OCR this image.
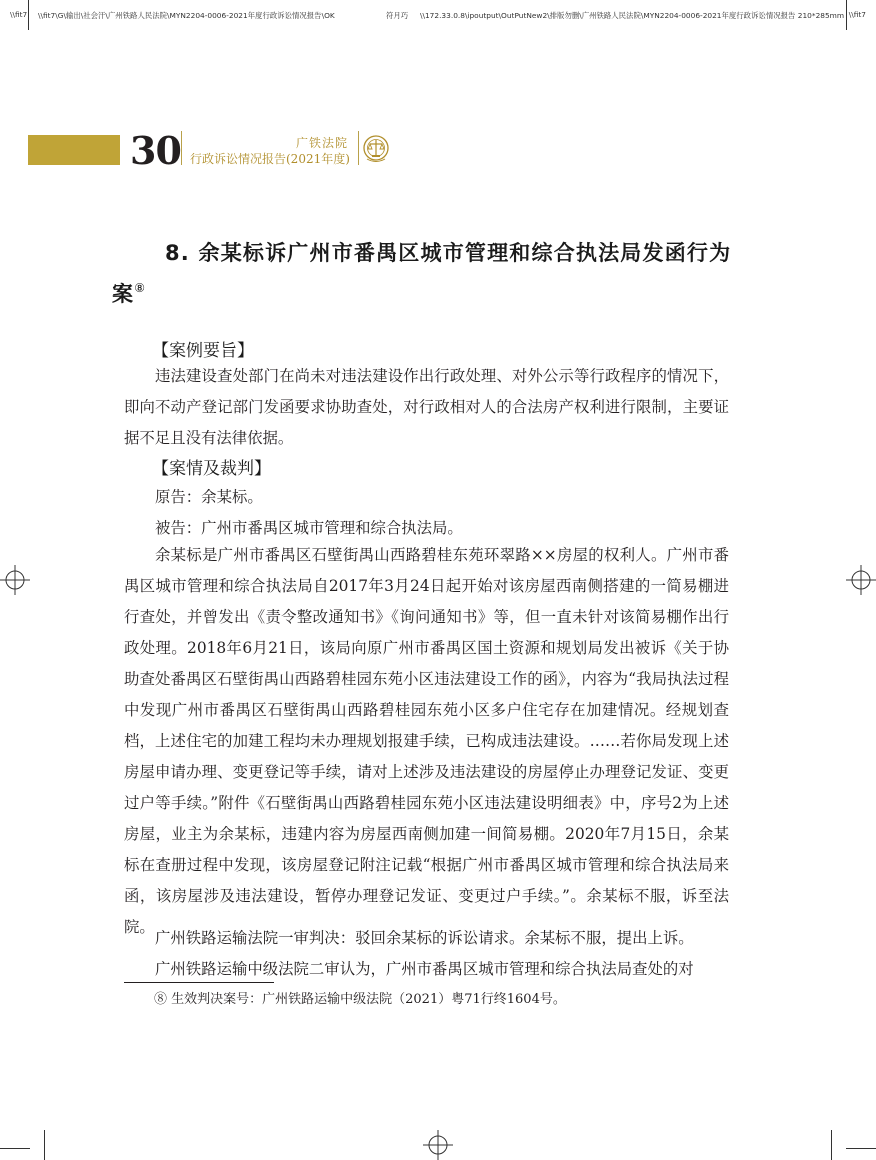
\\fit7 \\fit7\G\输出\社会汗\广州铁路人民法院\MYN2204-0006-2021年度行政诉讼情况报告\OK	符月巧 \\172.33.0.8\ipoutput\OutPutNew2\排版勿删\广州铁路人民法院\MYN2204-0006-2021年度行政诉讼情况报告 210*285mm \\fit7
30	广铁法院
行政诉讼情况报告(2021年度)
8. 余某标诉广州市番禺区城市管理和综合执法局发函行为
案⑧
【案例要旨】
违法建设查处部门在尚未对违法建设作出行政处理、对外公示等行政程序的情况下，即向不动产登记部门发函要求协助查处，对行政相对人的合法房产权利进行限制，主要证据不足且没有法律依据。
【案情及裁判】
原告：余某标。
被告：广州市番禺区城市管理和综合执法局。
余某标是广州市番禺区石壁街禺山西路碧桂东苑环翠路××房屋的权利人。广州市番禺区城市管理和综合执法局自2017年3月24日起开始对该房屋西南侧搭建的一简易棚进行查处，并曾发出《责令整改通知书》《询问通知书》等，但一直未针对该简易棚作出行政处理。2018年6月21日，该局向原广州市番禺区国土资源和规划局发出被诉《关于协助查处番禺区石壁街禺山西路碧桂园东苑小区违法建设工作的函》，内容为“我局执法过程中发现广州市番禺区石壁街禺山西路碧桂园东苑小区多户住宅存在加建情况。经规划查档，上述住宅的加建工程均未办理规划报建手续，已构成违法建设。……若你局发现上述房屋申请办理、变更登记等手续，请对上述涉及违法建设的房屋停止办理登记发证、变更过户等手续。”附件《石壁街禺山西路碧桂园东苑小区违法建设明细表》中，序号2为上述房屋，业主为余某标，违建内容为房屋西南侧加建一间简易棚。2020年7月15日，余某标在查册过程中发现，该房屋登记附注记载“根据广州市番禺区城市管理和综合执法局来函，该房屋涉及违法建设，暂停办理登记发证、变更过户手续。”。余某标不服，诉至法院。
广州铁路运输法院一审判决：驳回余某标的诉讼请求。余某标不服，提出上诉。
广州铁路运输中级法院二审认为，广州市番禺区城市管理和综合执法局查处的对
⑧ 生效判决案号：广州铁路运输中级法院（2021）粤71行终1604号。
